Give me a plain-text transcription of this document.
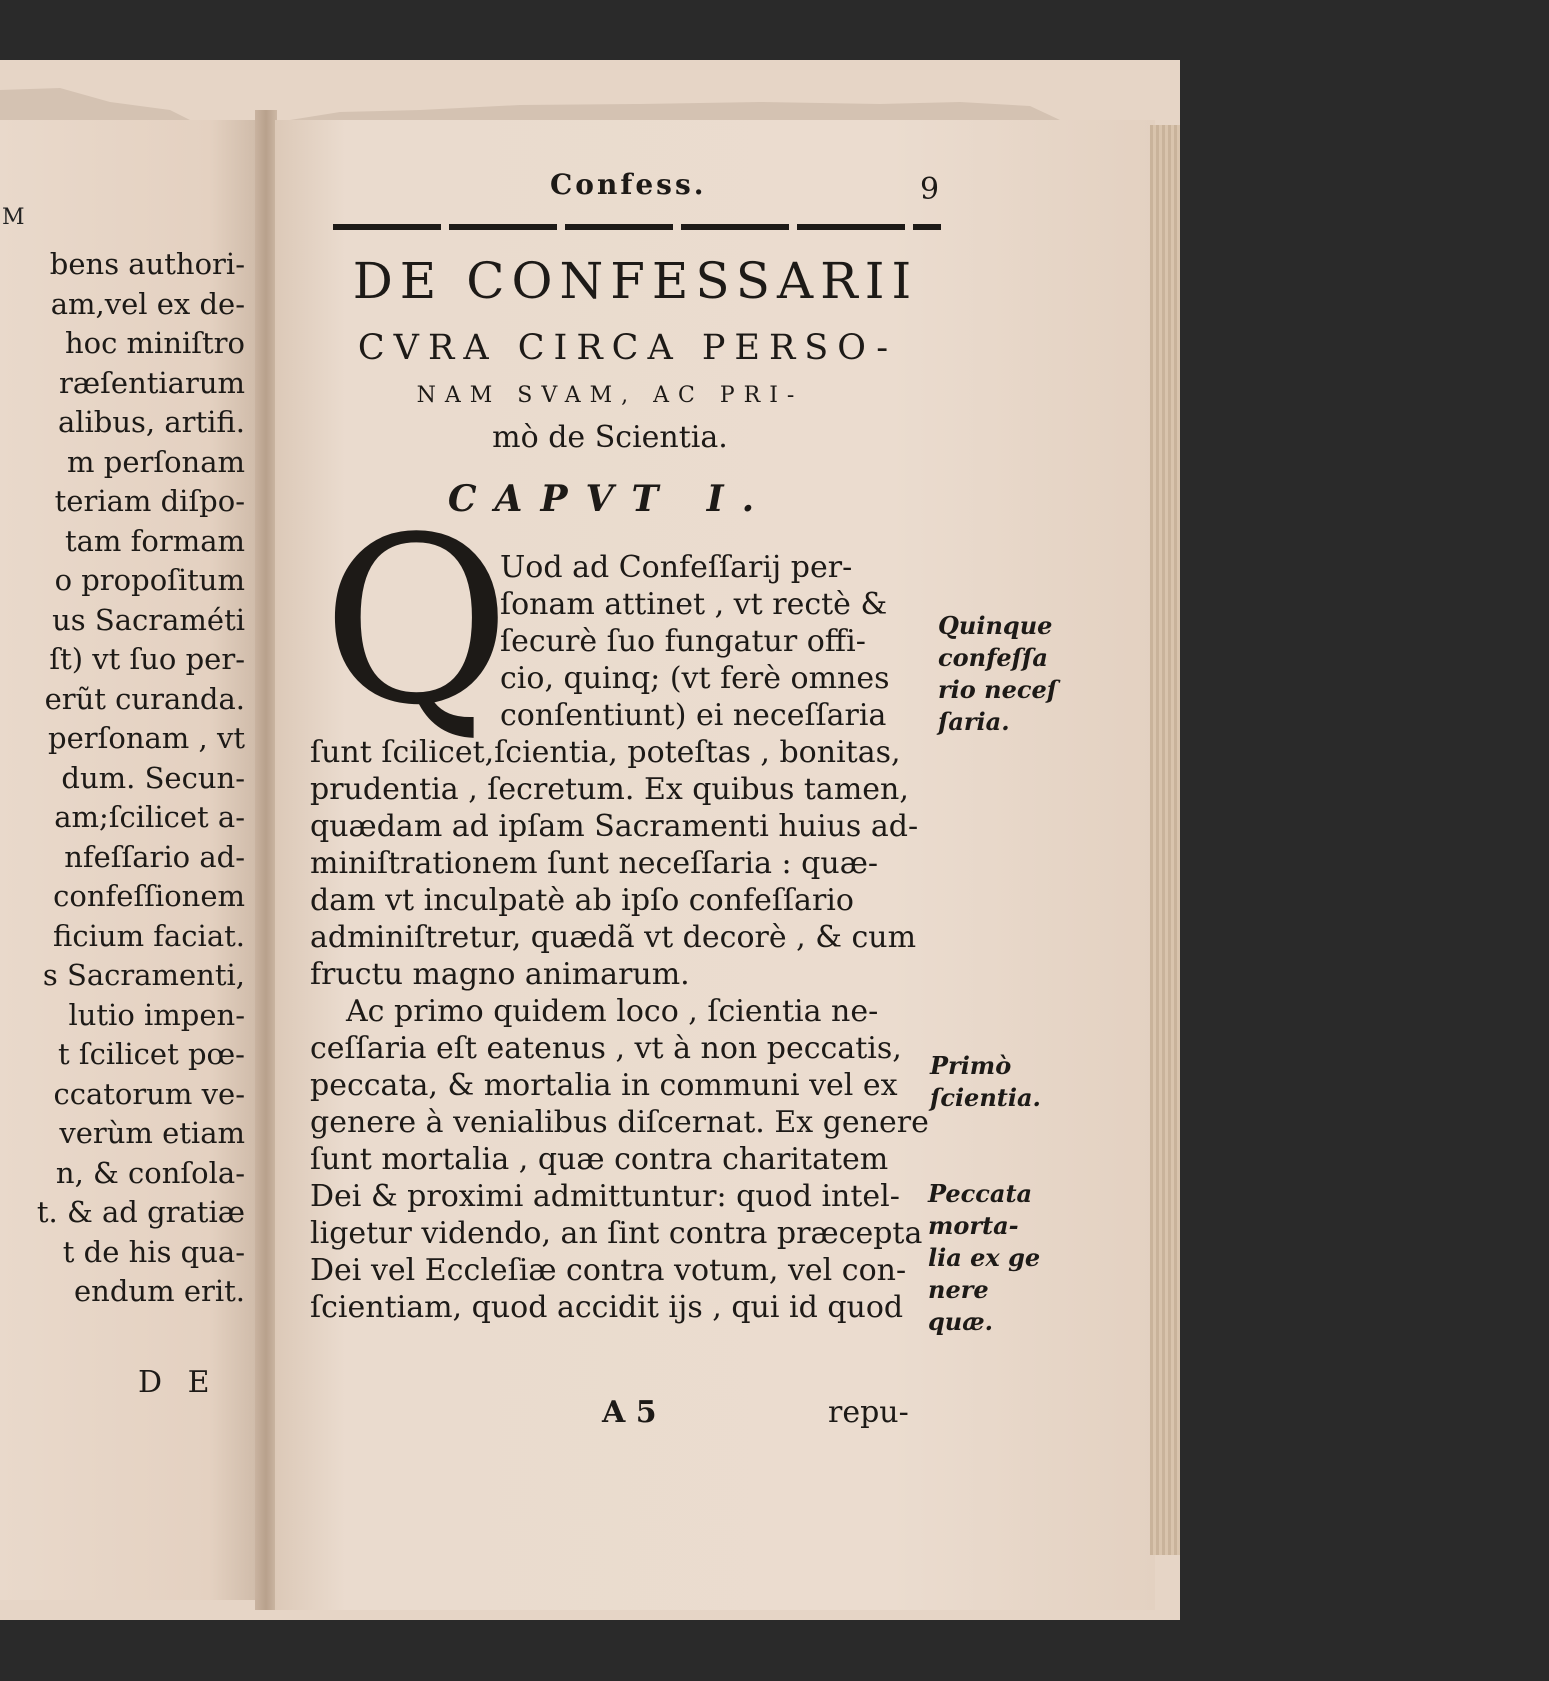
M
bens authori-
am,vel ex de-
hoc miniſtro
ræſentiarum
alibus, artifi.
m perſonam
teriam diſpo-
tam formam
o propoſitum
us Sacraméti
ſt) vt ſuo per-
erũt curanda.
perſonam , vt
dum. Secun-
am;ſcilicet a-
nfeſſario ad-
confeſſionem
ficium faciat.
s Sacramenti,
lutio impen-
t ſcilicet pœ-
ccatorum ve-
verùm etiam
n, & conſola-
t. & ad gratiæ
t de his qua-
endum erit.
D E
Confess.	9
DE CONFESSARII
CVRA CIRCA PERSO-
NAM SVAM, AC PRI-
mò de Scientia.
CAPVT I.
Q
Uod ad Confeſſarij per-
ſonam attinet , vt rectè &
ſecurè ſuo fungatur offi-
cio, quinq; (vt ferè omnes
conſentiunt) ei neceſſaria
ſunt ſcilicet,ſcientia, poteſtas , bonitas,
prudentia , ſecretum. Ex quibus tamen,
quædam ad ipſam Sacramenti huius ad-
miniſtrationem ſunt neceſſaria : quæ-
dam vt inculpatè ab ipſo confeſſario
adminiſtretur, quædã vt decorè , & cum
fructu magno animarum.
Ac primo quidem loco , ſcientia ne-
ceſſaria eſt eatenus , vt à non peccatis,
peccata, & mortalia in communi vel ex
genere à venialibus diſcernat. Ex genere
ſunt mortalia , quæ contra charitatem
Dei & proximi admittuntur: quod intel-
ligetur videndo, an ſint contra præcepta
Dei vel Eccleſiæ contra votum, vel con-
ſcientiam, quod accidit ijs , qui id quod
Quinque
confeſſa
rio neceſ
ſaria.
Primò
ſcientia.
Peccata
morta-
lia ex ge
nere
quæ.
A 5	repu-
